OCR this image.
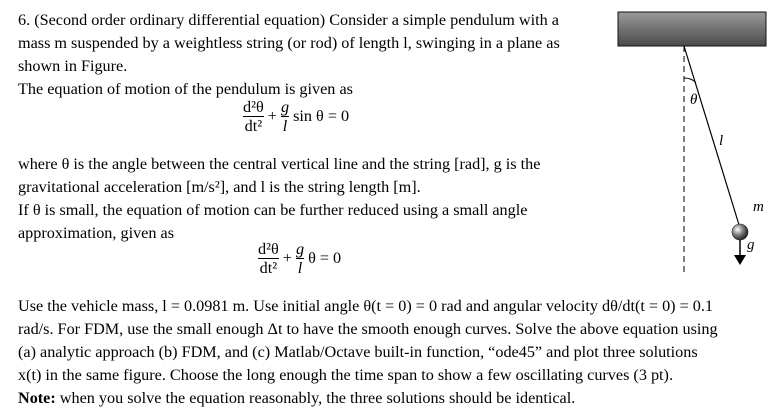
6. (Second order ordinary differential equation) Consider a simple pendulum with a
mass m suspended by a weightless string (or rod) of length l, swinging in a plane as
shown in Figure.
The equation of motion of the pendulum is given as
$\frac{\text{d²θ}}{\text{dt²}} + \frac{g}{l}$ sin θ = 0
where θ is the angle between the central vertical line and the string [rad], g is the
gravitational acceleration [m/s²], and l is the string length [m].
If θ is small, the equation of motion can be further reduced using a small angle
approximation, given as
$\frac{\text{d²θ}}{\text{dt²}} + \frac{g}{l}$ θ = 0
Use the vehicle mass, l = 0.0981 m. Use initial angle θ(t = 0) = 0 rad and angular velocity dθ/dt(t = 0) = 0.1
rad/s. For FDM, use the small enough Δt to have the smooth enough curves. Solve the above equation using
(a) analytic approach (b) FDM, and (c) Matlab/Octave built-in function, “ode45” and plot three solutions
x(t) in the same figure. Choose the long enough the time span to show a few oscillating curves (3 pt).
Note: when you solve the equation reasonably, the three solutions should be identical.
θ
l
m
g
